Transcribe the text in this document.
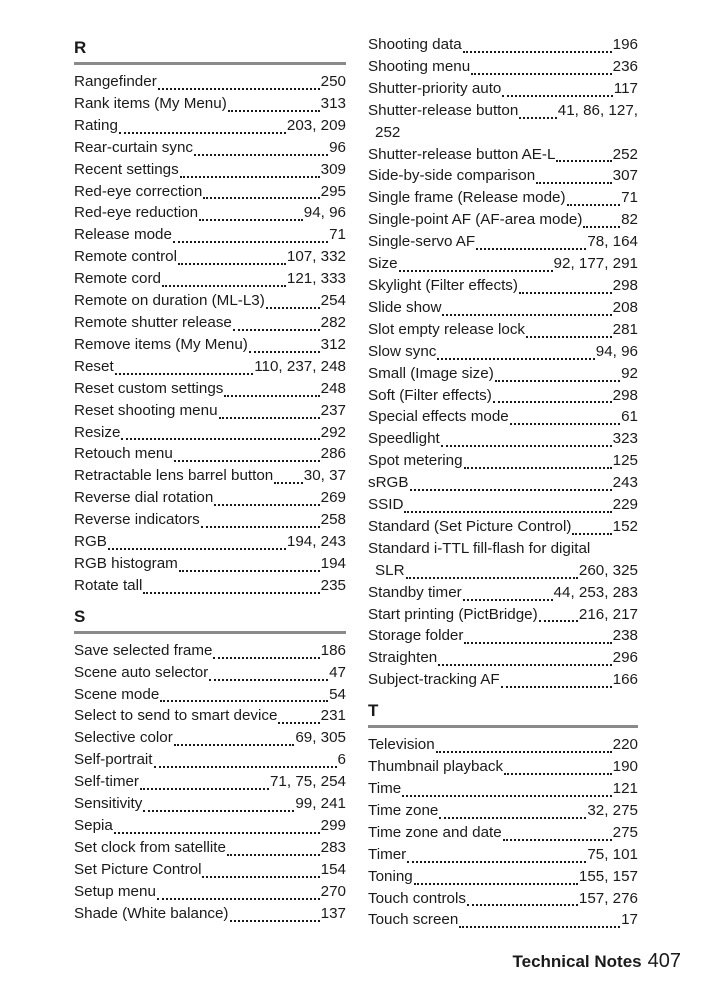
R
Rangefinder	250
Rank items (My Menu)	313
Rating	203, 209
Rear-curtain sync	96
Recent settings	309
Red-eye correction	295
Red-eye reduction	94, 96
Release mode	71
Remote control	107, 332
Remote cord	121, 333
Remote on duration (ML-L3)	254
Remote shutter release	282
Remove items (My Menu)	312
Reset	110, 237, 248
Reset custom settings	248
Reset shooting menu	237
Resize	292
Retouch menu	286
Retractable lens barrel button 30, 37
Reverse dial rotation	269
Reverse indicators	258
RGB	194, 243
RGB histogram	194
Rotate tall	235
S
Save selected frame	186
Scene auto selector	47
Scene mode	54
Select to send to smart device	231
Selective color	69, 305
Self-portrait	6
Self-timer	71, 75, 254
Sensitivity	99, 241
Sepia	299
Set clock from satellite	283
Set Picture Control	154
Setup menu	270
Shade (White balance)	137
Shooting data	196
Shooting menu	236
Shutter-priority auto	117
Shutter-release button	41, 86, 127,
252
Shutter-release button AE-L	252
Side-by-side comparison	307
Single frame (Release mode)	71
Single-point AF (AF-area mode)	82
Single-servo AF	78, 164
Size	92, 177, 291
Skylight (Filter effects)	298
Slide show	208
Slot empty release lock	281
Slow sync	94, 96
Small (Image size)	92
Soft (Filter effects)	298
Special effects mode	61
Speedlight	323
Spot metering	125
sRGB	243
SSID	229
Standard (Set Picture Control)	152
Standard i-TTL fill-flash for digital
SLR	260, 325
Standby timer	44, 253, 283
Start printing (PictBridge)	216, 217
Storage folder	238
Straighten	296
Subject-tracking AF	166
T
Television	220
Thumbnail playback	190
Time	121
Time zone	32, 275
Time zone and date	275
Timer	75, 101
Toning	155, 157
Touch controls	157, 276
Touch screen	17
Technical Notes 407
